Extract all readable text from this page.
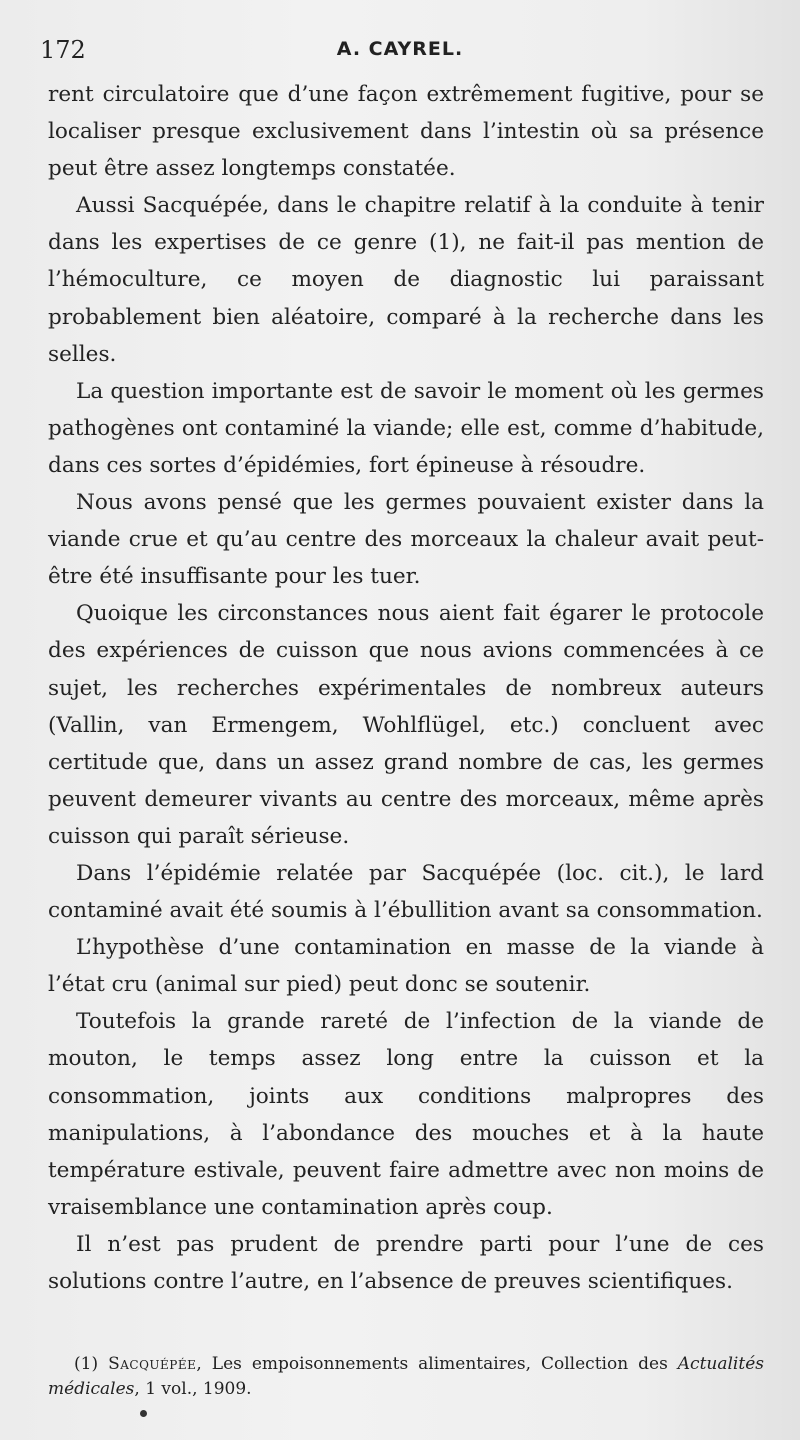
172	A. CAYREL.

rent circulatoire que d’une façon extrêmement fugitive, pour se localiser presque exclusivement dans l’intestin où sa présence peut être assez longtemps constatée.

Aussi Sacquépée, dans le chapitre relatif à la conduite à tenir dans les expertises de ce genre (1), ne fait-il pas mention de l’hémoculture, ce moyen de diagnostic lui paraissant probablement bien aléatoire, comparé à la recherche dans les selles.

La question importante est de savoir le moment où les germes pathogènes ont contaminé la viande; elle est, comme d’habitude, dans ces sortes d’épidémies, fort épineuse à résoudre.

Nous avons pensé que les germes pouvaient exister dans la viande crue et qu’au centre des morceaux la chaleur avait peut-être été insuffisante pour les tuer.

Quoique les circonstances nous aient fait égarer le protocole des expériences de cuisson que nous avions commencées à ce sujet, les recherches expérimentales de nombreux auteurs (Vallin, van Ermengem, Wohlflügel, etc.) concluent avec certitude que, dans un assez grand nombre de cas, les germes peuvent demeurer vivants au centre des morceaux, même après cuisson qui paraît sérieuse.

Dans l’épidémie relatée par Sacquépée (loc. cit.), le lard contaminé avait été soumis à l’ébullition avant sa consommation.

L’hypothèse d’une contamination en masse de la viande à l’état cru (animal sur pied) peut donc se soutenir.

Toutefois la grande rareté de l’infection de la viande de mouton, le temps assez long entre la cuisson et la consommation, joints aux conditions malpropres des manipulations, à l’abondance des mouches et à la haute température estivale, peuvent faire admettre avec non moins de vraisemblance une contamination après coup.

Il n’est pas prudent de prendre parti pour l’une de ces solutions contre l’autre, en l’absence de preuves scientifiques.

(1) Sacquépée, Les empoisonnements alimentaires, Collection des Actualités médicales, 1 vol., 1909.
